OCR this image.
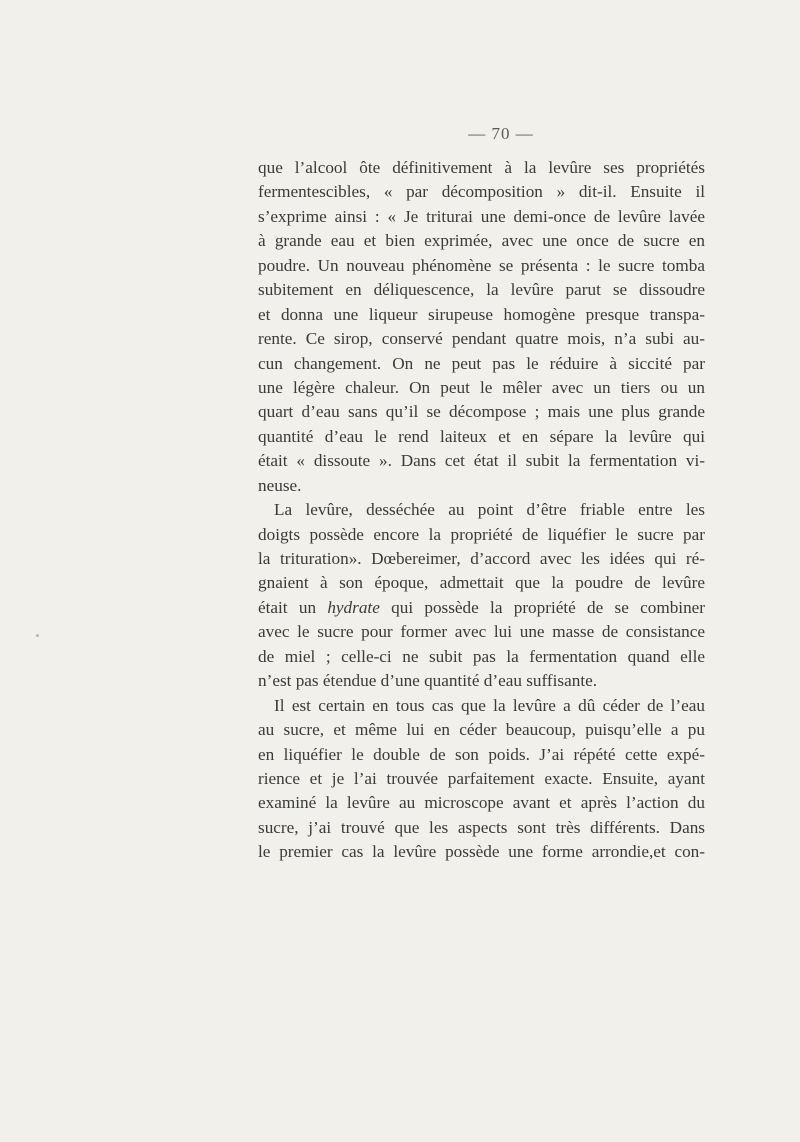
— 70 —
que l’alcool ôte définitivement à la levûre ses propriétés
fermentescibles, « par décomposition » dit-il. Ensuite il
s’exprime ainsi : « Je triturai une demi-once de levûre lavée
à grande eau et bien exprimée, avec une once de sucre en
poudre. Un nouveau phénomène se présenta : le sucre tomba
subitement en déliquescence, la levûre parut se dissoudre
et donna une liqueur sirupeuse homogène presque transpa-
rente. Ce sirop, conservé pendant quatre mois, n’a subi au-
cun changement. On ne peut pas le réduire à siccité par
une légère chaleur. On peut le mêler avec un tiers ou un
quart d’eau sans qu’il se décompose ; mais une plus grande
quantité d’eau le rend laiteux et en sépare la levûre qui
était « dissoute ». Dans cet état il subit la fermentation vi-
neuse.
La levûre, desséchée au point d’être friable entre les
doigts possède encore la propriété de liquéfier le sucre par
la trituration». Dœbereimer, d’accord avec les idées qui ré-
gnaient à son époque, admettait que la poudre de levûre
était un hydrate qui possède la propriété de se combiner
avec le sucre pour former avec lui une masse de consistance
de miel ; celle-ci ne subit pas la fermentation quand elle
n’est pas étendue d’une quantité d’eau suffisante.
Il est certain en tous cas que la levûre a dû céder de l’eau
au sucre, et même lui en céder beaucoup, puisqu’elle a pu
en liquéfier le double de son poids. J’ai répété cette expé-
rience et je l’ai trouvée parfaitement exacte. Ensuite, ayant
examiné la levûre au microscope avant et après l’action du
sucre, j’ai trouvé que les aspects sont très différents. Dans
le premier cas la levûre possède une forme arrondie,et con-
